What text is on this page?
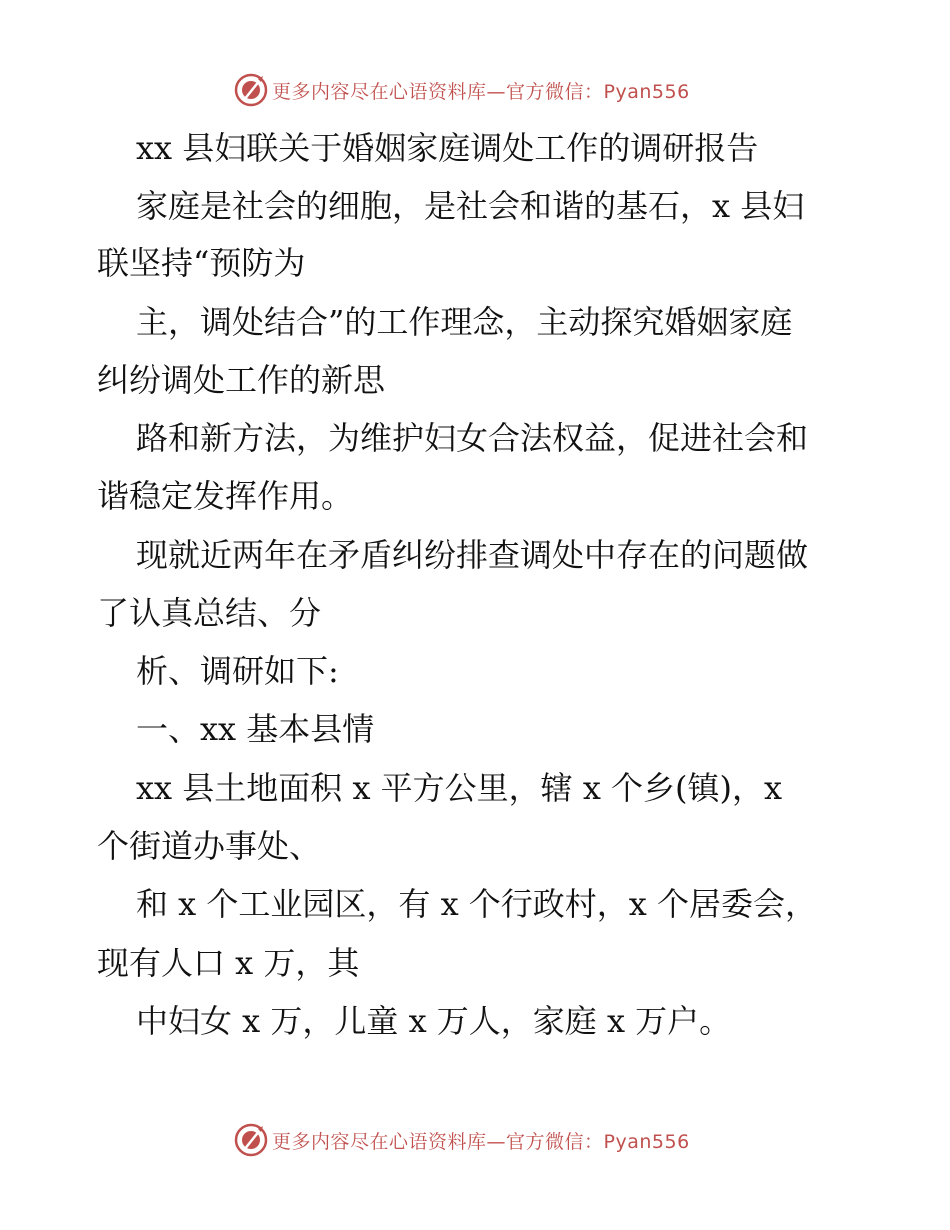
更多内容尽在心语资料库—官方微信：Pyan556
xx 县妇联关于婚姻家庭调处工作的调研报告
家庭是社会的细胞，是社会和谐的基石，x 县妇
联坚持“预防为
主，调处结合”的工作理念，主动探究婚姻家庭
纠纷调处工作的新思
路和新方法，为维护妇女合法权益，促进社会和
谐稳定发挥作用。
现就近两年在矛盾纠纷排查调处中存在的问题做
了认真总结、分
析、调研如下:
一、xx 基本县情
xx 县土地面积 x 平方公里，辖 x 个乡(镇)，x
个街道办事处、
和 x 个工业园区，有 x 个行政村，x 个居委会，
现有人口 x 万，其
中妇女 x 万，儿童 x 万人，家庭 x 万户。
更多内容尽在心语资料库—官方微信：Pyan556
